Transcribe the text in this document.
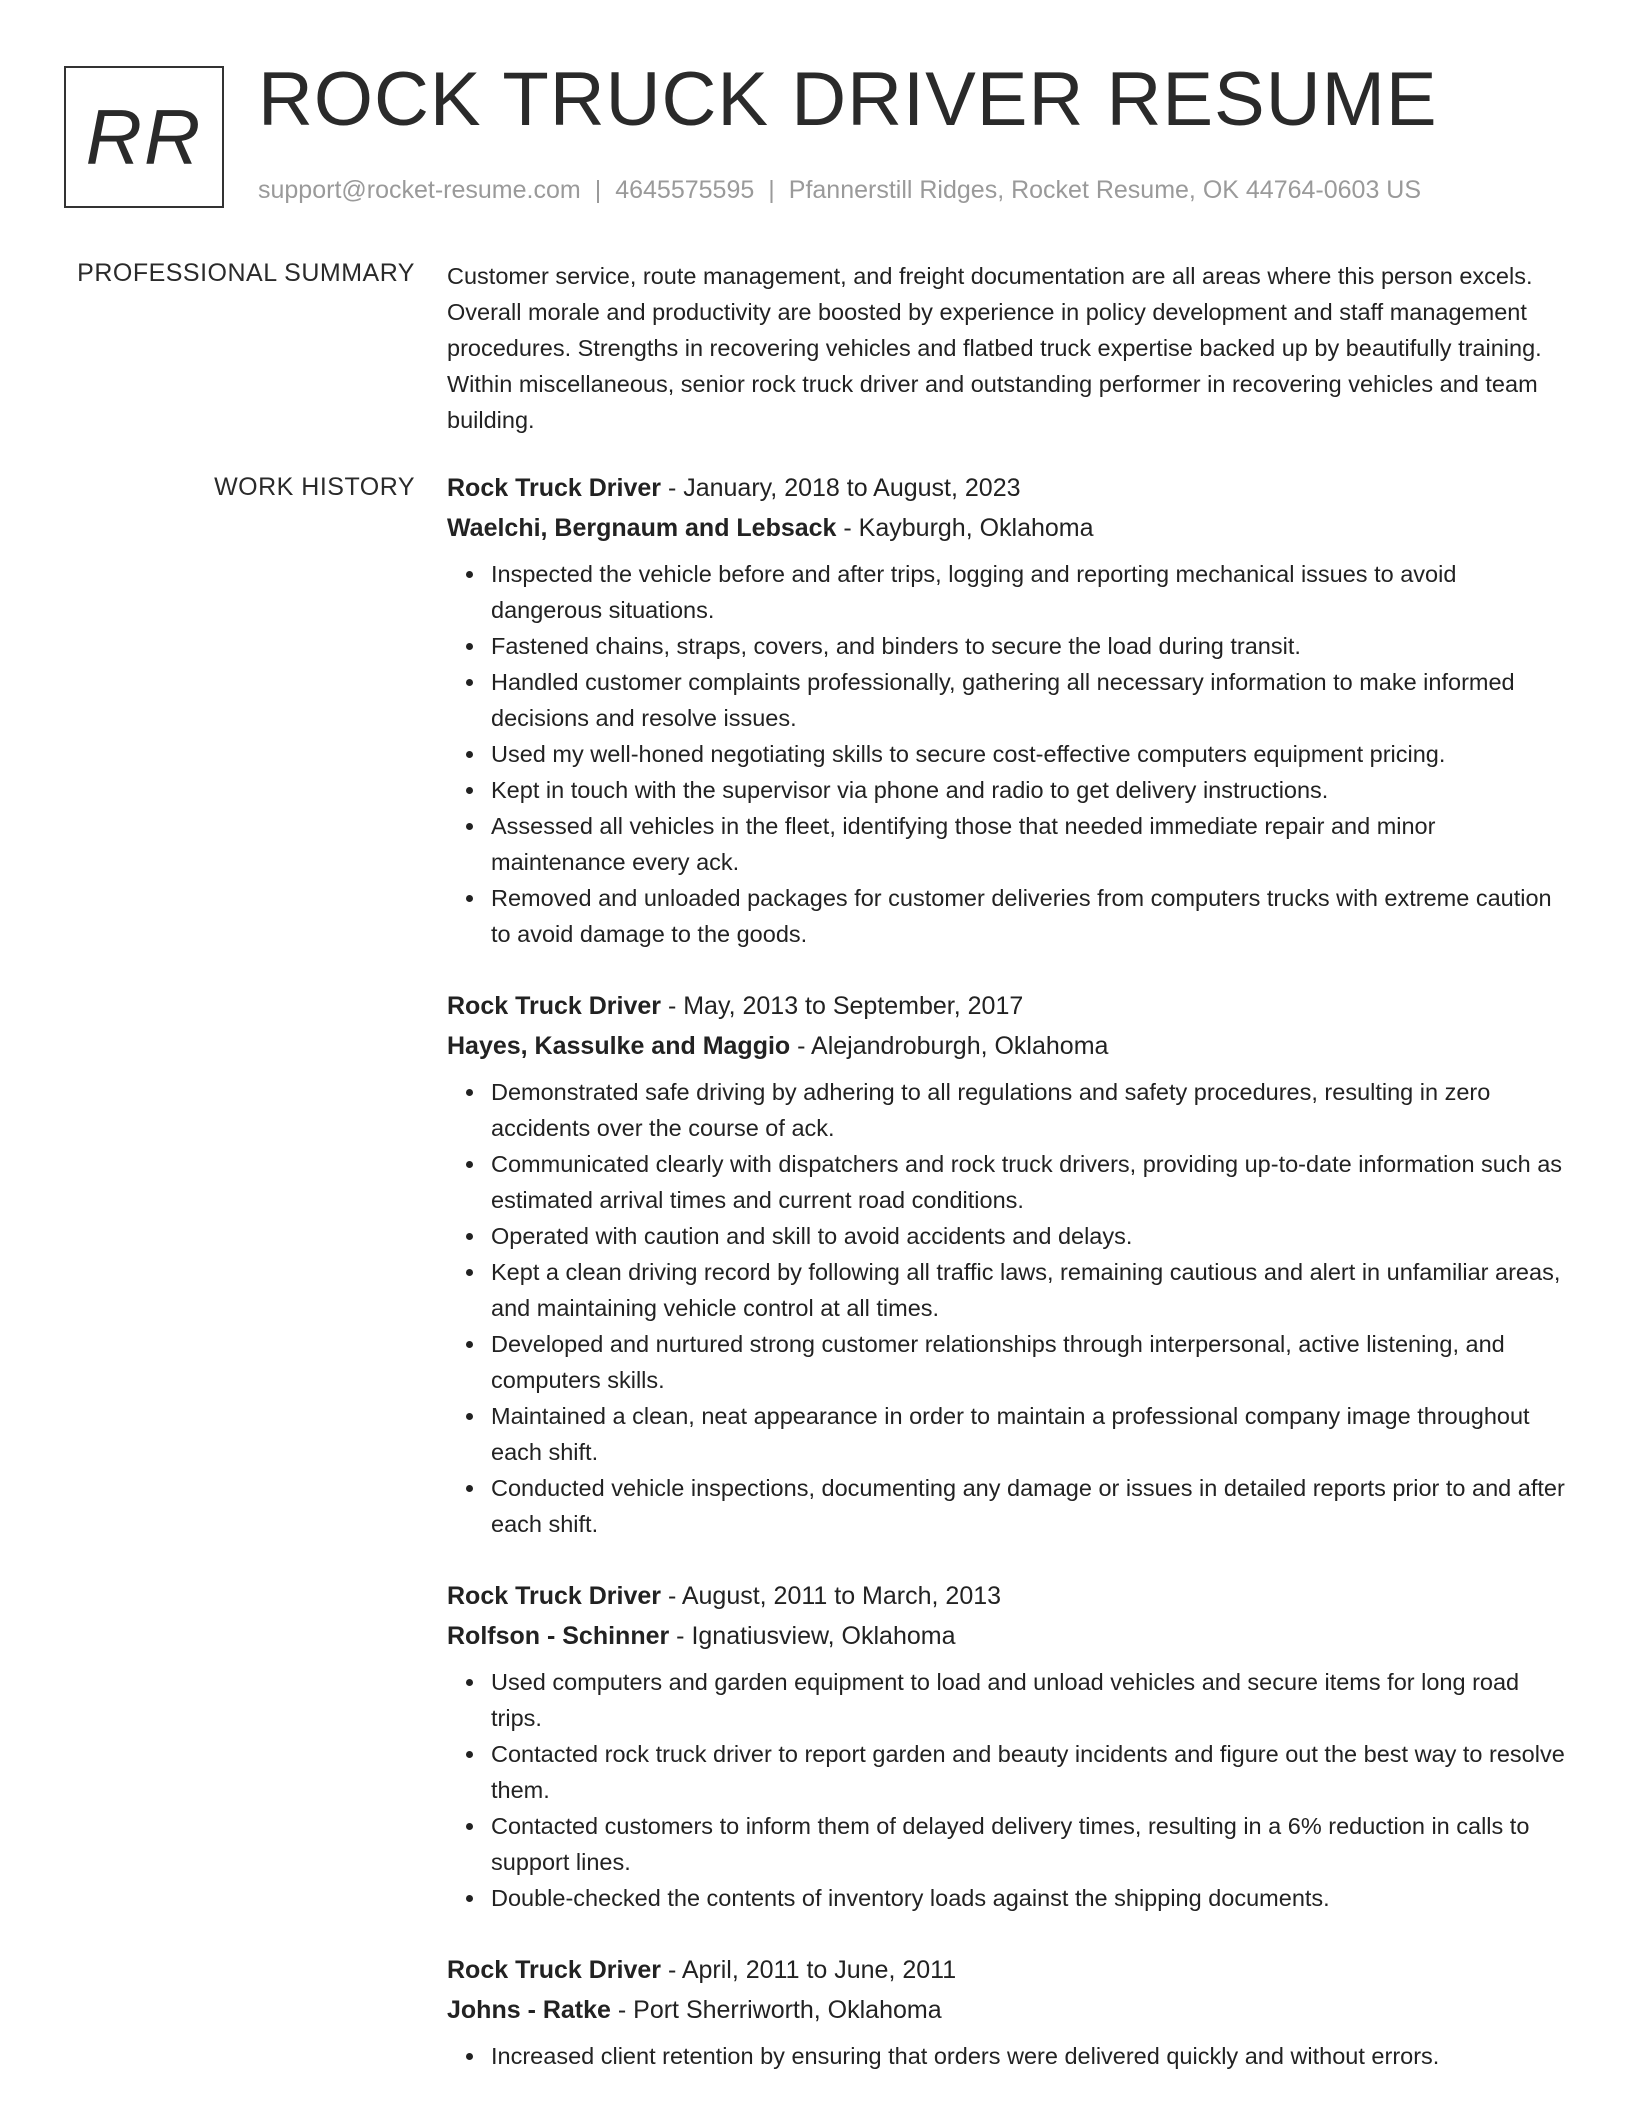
RR ROCK TRUCK DRIVER RESUME
support@rocket-resume.com | 4645575595 | Pfannerstill Ridges, Rocket Resume, OK 44764-0603 US
PROFESSIONAL SUMMARY Customer service, route management, and freight documentation are all areas where this person excels. Overall morale and productivity are boosted by experience in policy development and staff management procedures. Strengths in recovering vehicles and flatbed truck expertise backed up by beautifully training. Within miscellaneous, senior rock truck driver and outstanding performer in recovering vehicles and team building.

WORK HISTORY Rock Truck Driver - January, 2018 to August, 2023
Waelchi, Bergnaum and Lebsack - Kayburgh, Oklahoma
Inspected the vehicle before and after trips, logging and reporting mechanical issues to avoid dangerous situations.
Fastened chains, straps, covers, and binders to secure the load during transit.
Handled customer complaints professionally, gathering all necessary information to make informed decisions and resolve issues.
Used my well-honed negotiating skills to secure cost-effective computers equipment pricing.
Kept in touch with the supervisor via phone and radio to get delivery instructions.
Assessed all vehicles in the fleet, identifying those that needed immediate repair and minor maintenance every ack.
Removed and unloaded packages for customer deliveries from computers trucks with extreme caution to avoid damage to the goods.
Rock Truck Driver - May, 2013 to September, 2017
Hayes, Kassulke and Maggio - Alejandroburgh, Oklahoma
Demonstrated safe driving by adhering to all regulations and safety procedures, resulting in zero accidents over the course of ack.
Communicated clearly with dispatchers and rock truck drivers, providing up-to-date information such as estimated arrival times and current road conditions.
Operated with caution and skill to avoid accidents and delays.
Kept a clean driving record by following all traffic laws, remaining cautious and alert in unfamiliar areas, and maintaining vehicle control at all times.
Developed and nurtured strong customer relationships through interpersonal, active listening, and computers skills.
Maintained a clean, neat appearance in order to maintain a professional company image throughout each shift.
Conducted vehicle inspections, documenting any damage or issues in detailed reports prior to and after each shift.
Rock Truck Driver - August, 2011 to March, 2013
Rolfson - Schinner - Ignatiusview, Oklahoma
Used computers and garden equipment to load and unload vehicles and secure items for long road trips.
Contacted rock truck driver to report garden and beauty incidents and figure out the best way to resolve them.
Contacted customers to inform them of delayed delivery times, resulting in a 6% reduction in calls to support lines.
Double-checked the contents of inventory loads against the shipping documents.
Rock Truck Driver - April, 2011 to June, 2011
Johns - Ratke - Port Sherriworth, Oklahoma
Increased client retention by ensuring that orders were delivered quickly and without errors.
